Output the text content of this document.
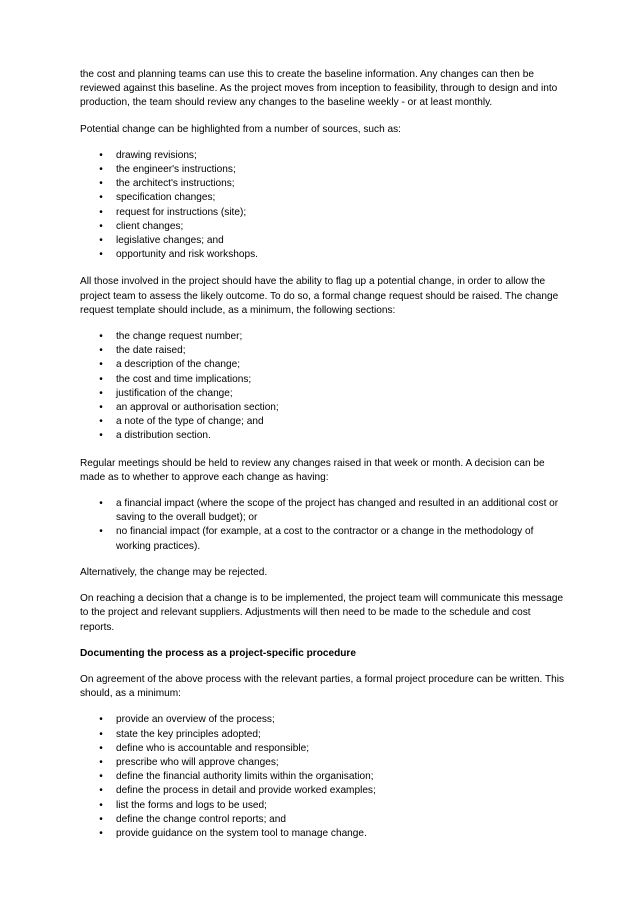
the cost and planning teams can use this to create the baseline information. Any changes can then be reviewed against this baseline. As the project moves from inception to feasibility, through to design and into production, the team should review any changes to the baseline weekly - or at least monthly.

Potential change can be highlighted from a number of sources, such as:

•	drawing revisions;
•	the engineer's instructions;
•	the architect's instructions;
•	specification changes;
•	request for instructions (site);
•	client changes;
•	legislative changes; and
•	opportunity and risk workshops.

All those involved in the project should have the ability to flag up a potential change, in order to allow the project team to assess the likely outcome. To do so, a formal change request should be raised. The change request template should include, as a minimum, the following sections:

•	the change request number;
•	the date raised;
•	a description of the change;
•	the cost and time implications;
•	justification of the change;
•	an approval or authorisation section;
•	a note of the type of change; and
•	a distribution section.

Regular meetings should be held to review any changes raised in that week or month. A decision can be made as to whether to approve each change as having:

•	a financial impact (where the scope of the project has changed and resulted in an additional cost or saving to the overall budget); or
•	no financial impact (for example, at a cost to the contractor or a change in the methodology of working practices).

Alternatively, the change may be rejected.

On reaching a decision that a change is to be implemented, the project team will communicate this message to the project and relevant suppliers. Adjustments will then need to be made to the schedule and cost reports.

Documenting the process as a project-specific procedure

On agreement of the above process with the relevant parties, a formal project procedure can be written. This should, as a minimum:

•	provide an overview of the process;
•	state the key principles adopted;
•	define who is accountable and responsible;
•	prescribe who will approve changes;
•	define the financial authority limits within the organisation;
•	define the process in detail and provide worked examples;
•	list the forms and logs to be used;
•	define the change control reports; and
•	provide guidance on the system tool to manage change.
